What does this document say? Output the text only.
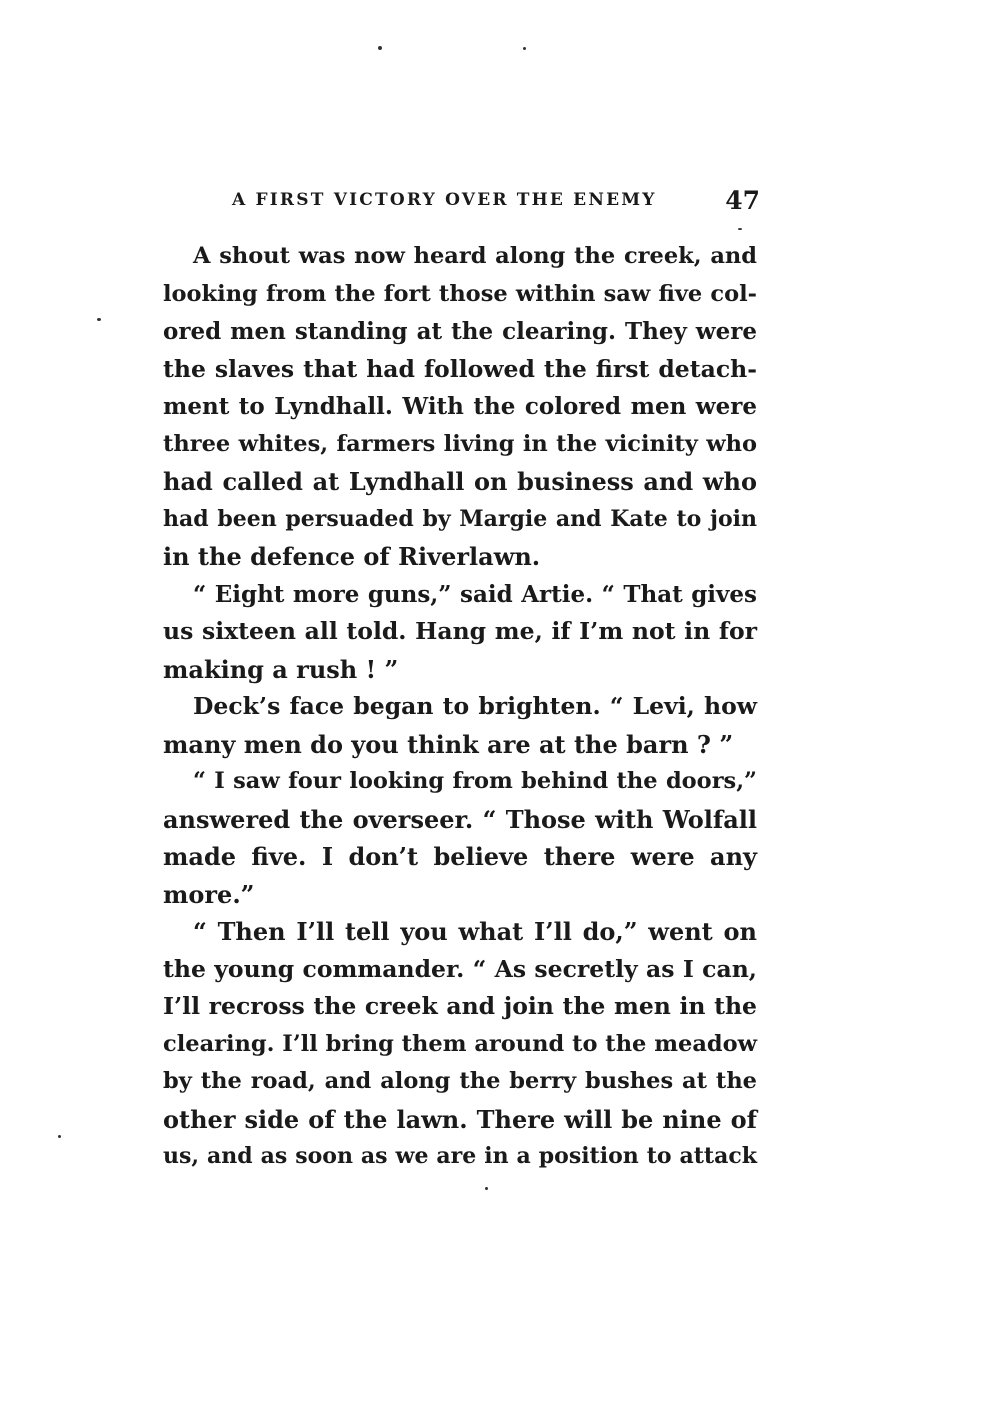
A FIRST VICTORY OVER THE ENEMY	47
A shout was now heard along the creek, and
looking from the fort those within saw five col-
ored men standing at the clearing. They were
the slaves that had followed the first detach-
ment to Lyndhall. With the colored men were
three whites, farmers living in the vicinity who
had called at Lyndhall on business and who
had been persuaded by Margie and Kate to join
in the defence of Riverlawn.
“ Eight more guns,” said Artie. “ That gives
us sixteen all told. Hang me, if I’m not in for
making a rush ! ”
Deck’s face began to brighten. “ Levi, how
many men do you think are at the barn ? ”
“ I saw four looking from behind the doors,”
answered the overseer. “ Those with Wolfall
made five. I don’t believe there were any
more.”
“ Then I’ll tell you what I’ll do,” went on
the young commander. “ As secretly as I can,
I’ll recross the creek and join the men in the
clearing. I’ll bring them around to the meadow
by the road, and along the berry bushes at the
other side of the lawn. There will be nine of
us, and as soon as we are in a position to attack
